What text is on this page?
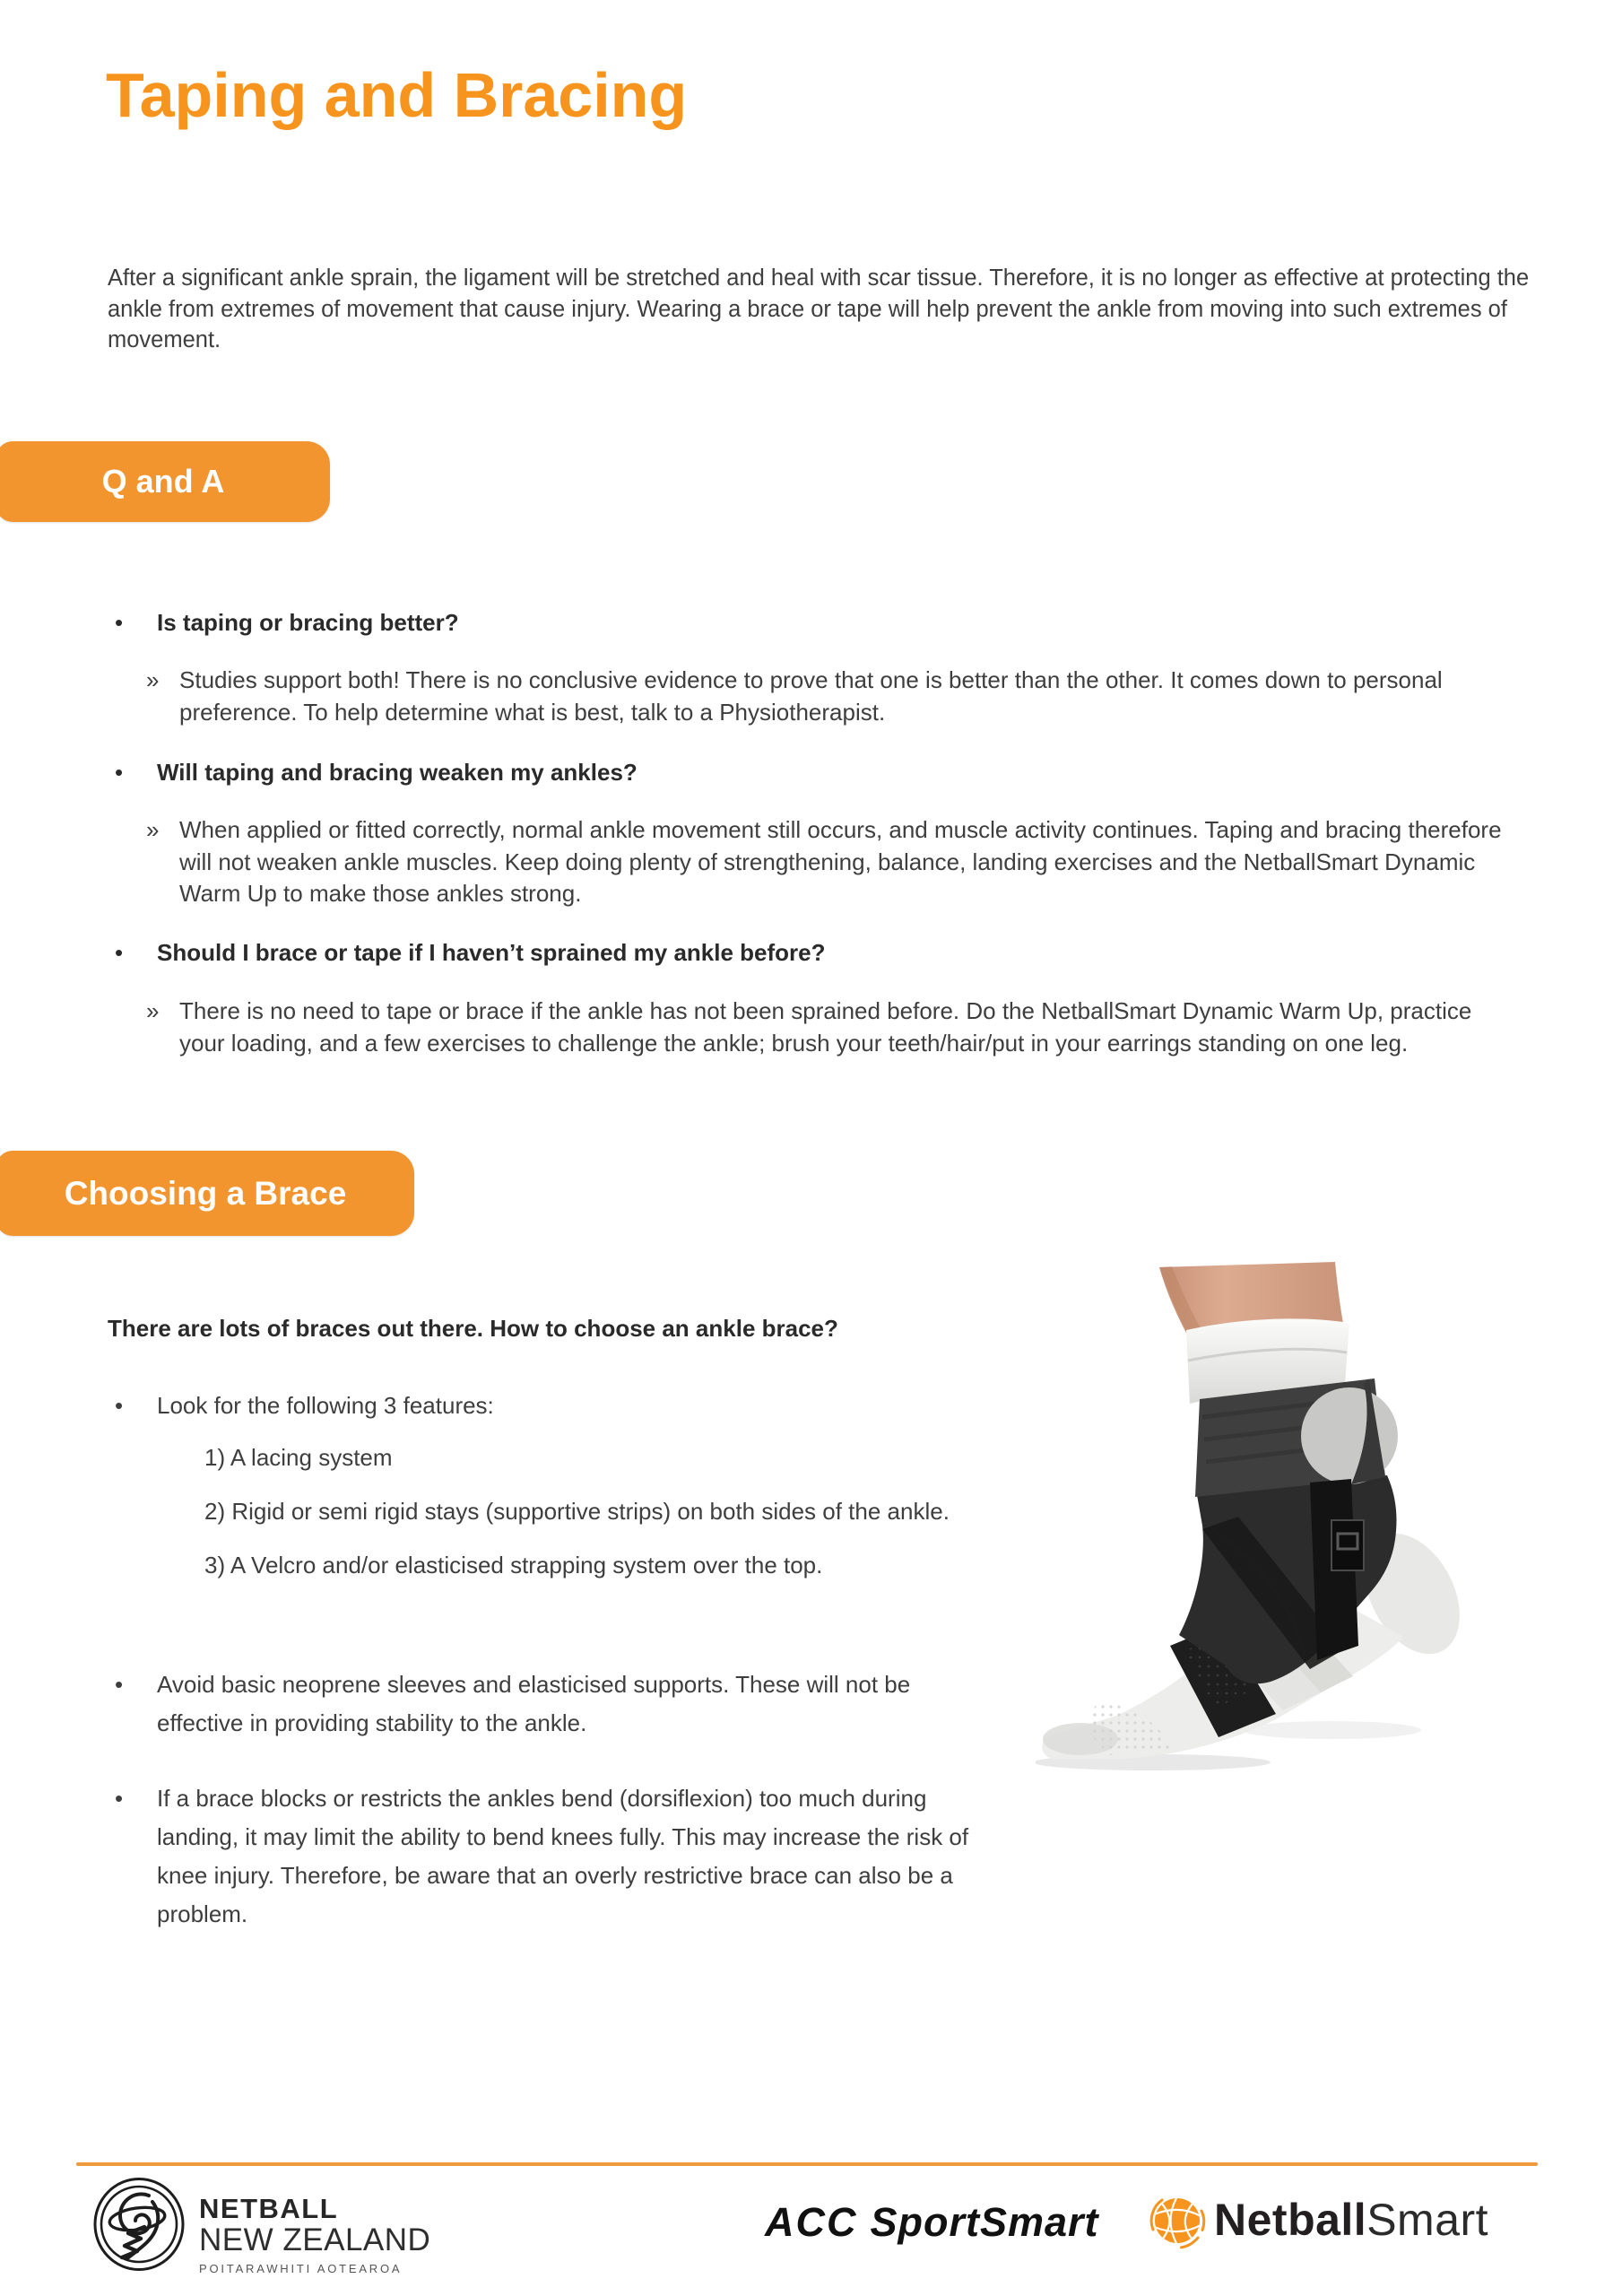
Taping and Bracing

After a significant ankle sprain, the ligament will be stretched and heal with scar tissue. Therefore, it is no longer as effective at protecting the ankle from extremes of movement that cause injury. Wearing a brace or tape will help prevent the ankle from moving into such extremes of movement.

Q and A
• Is taping or bracing better?
» Studies support both! There is no conclusive evidence to prove that one is better than the other. It comes down to personal preference. To help determine what is best, talk to a Physiotherapist.
• Will taping and bracing weaken my ankles?
» When applied or fitted correctly, normal ankle movement still occurs, and muscle activity continues. Taping and bracing therefore will not weaken ankle muscles. Keep doing plenty of strengthening, balance, landing exercises and the NetballSmart Dynamic Warm Up to make those ankles strong.
• Should I brace or tape if I haven’t sprained my ankle before?
» There is no need to tape or brace if the ankle has not been sprained before. Do the NetballSmart Dynamic Warm Up, practice your loading, and a few exercises to challenge the ankle; brush your teeth/hair/put in your earrings standing on one leg.
Choosing a Brace
There are lots of braces out there. How to choose an ankle brace?
• Look for the following 3 features:
1) A lacing system
2) Rigid or semi rigid stays (supportive strips) on both sides of the ankle.
3) A Velcro and/or elasticised strapping system over the top.
• Avoid basic neoprene sleeves and elasticised supports. These will not be effective in providing stability to the ankle.
• If a brace blocks or restricts the ankles bend (dorsiflexion) too much during landing, it may limit the ability to bend knees fully. This may increase the risk of knee injury. Therefore, be aware that an overly restrictive brace can also be a problem.
NETBALL
NEW ZEALAND
POITARAWHITI AOTEAROA
ACC SportSmart	NetballSmart
